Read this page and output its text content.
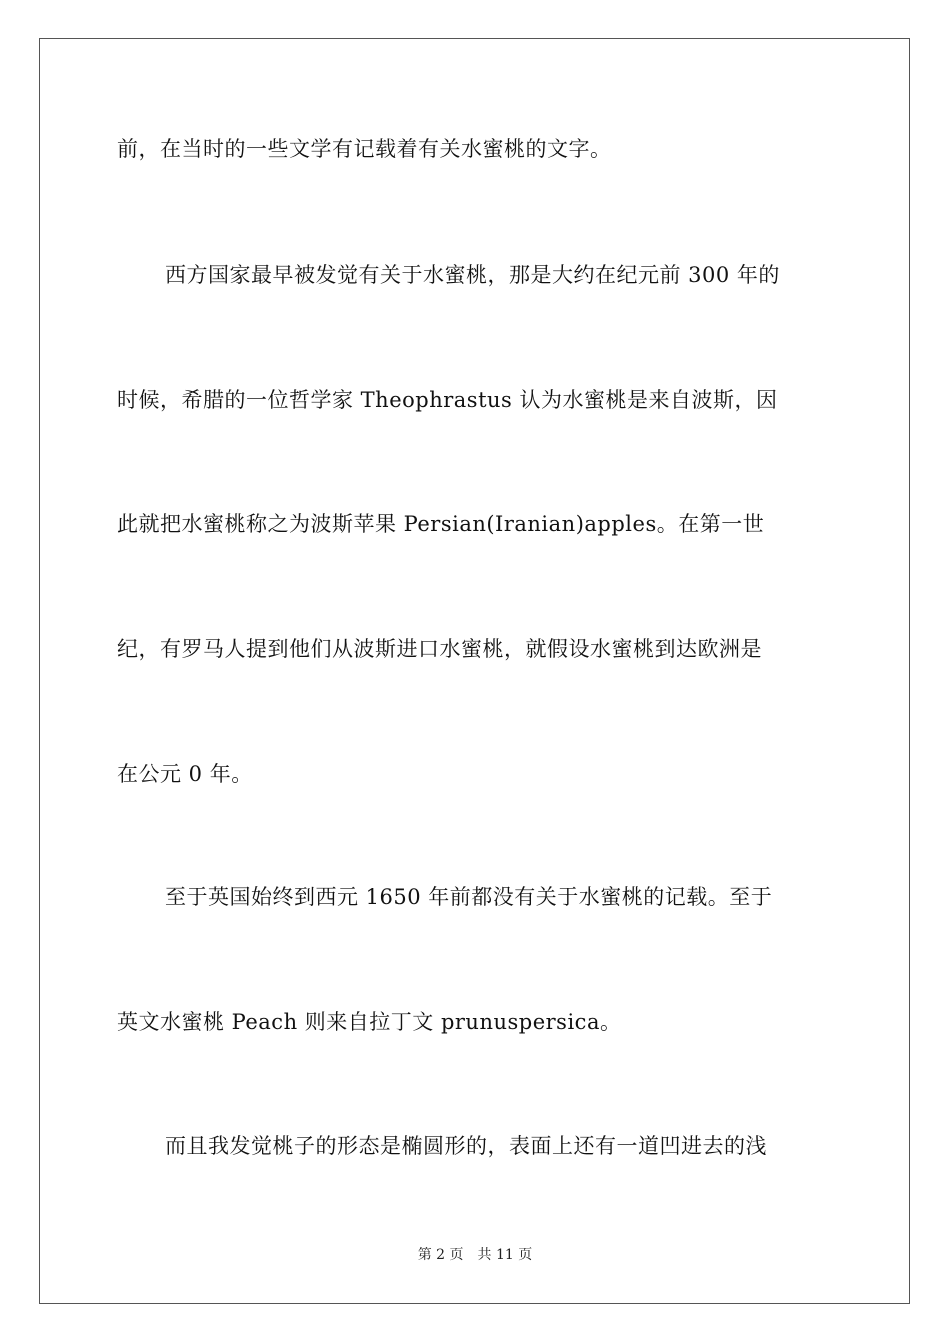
前，在当时的一些文学有记载着有关水蜜桃的文字。
西方国家最早被发觉有关于水蜜桃，那是大约在纪元前 300 年的
时候，希腊的一位哲学家 Theophrastus 认为水蜜桃是来自波斯，因
此就把水蜜桃称之为波斯苹果 Persian(Iranian)apples。在第一世
纪，有罗马人提到他们从波斯进口水蜜桃，就假设水蜜桃到达欧洲是
在公元 0 年。
至于英国始终到西元 1650 年前都没有关于水蜜桃的记载。至于
英文水蜜桃 Peach 则来自拉丁文 prunuspersica。
而且我发觉桃子的形态是椭圆形的，表面上还有一道凹进去的浅
第 2 页 共 11 页
